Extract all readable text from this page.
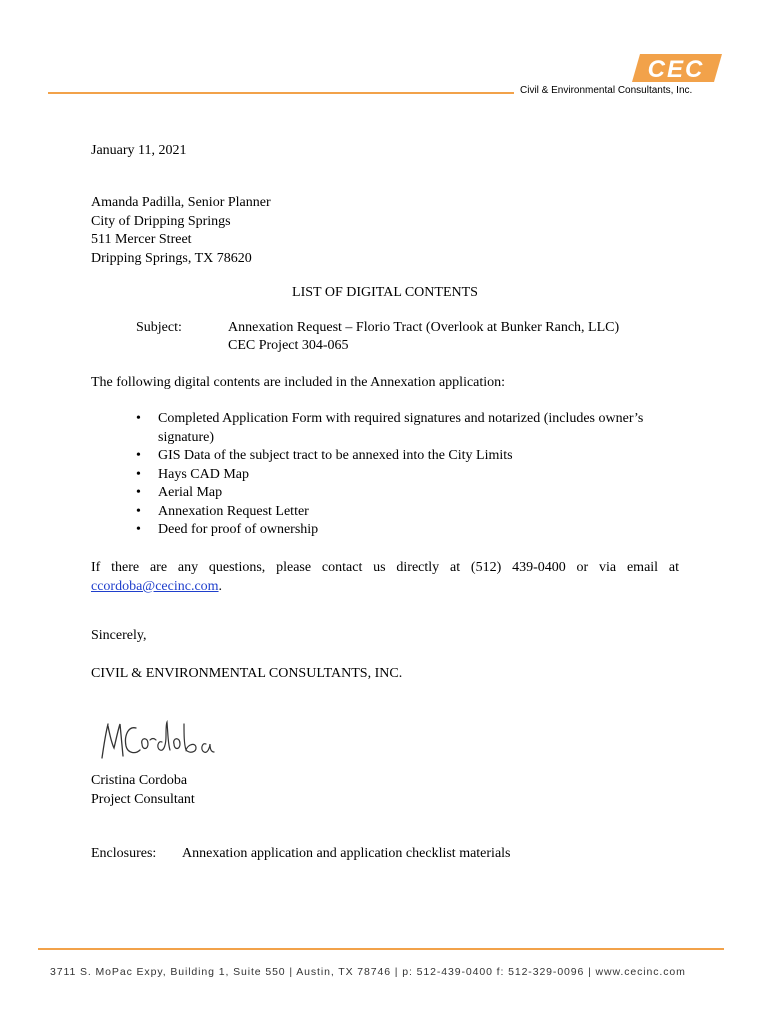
CEC
Civil & Environmental Consultants, Inc.
January 11, 2021
Amanda Padilla, Senior Planner
City of Dripping Springs
511 Mercer Street
Dripping Springs, TX 78620
LIST OF DIGITAL CONTENTS
Subject:	Annexation Request – Florio Tract (Overlook at Bunker Ranch, LLC)
CEC Project 304-065
The following digital contents are included in the Annexation application:
• Completed Application Form with required signatures and notarized (includes owner’s
signature)
• GIS Data of the subject tract to be annexed into the City Limits
• Hays CAD Map
• Aerial Map
• Annexation Request Letter
• Deed for proof of ownership
If there are any questions, please contact us directly at (512) 439-0400 or via email at ccordoba@cecinc.com.
Sincerely,
CIVIL & ENVIRONMENTAL CONSULTANTS, INC.
Cristina Cordoba
Project Consultant
Enclosures: Annexation application and application checklist materials
3711 S. MoPac Expy, Building 1, Suite 550 | Austin, TX 78746 | p: 512-439-0400 f: 512-329-0096 | www.cecinc.com
